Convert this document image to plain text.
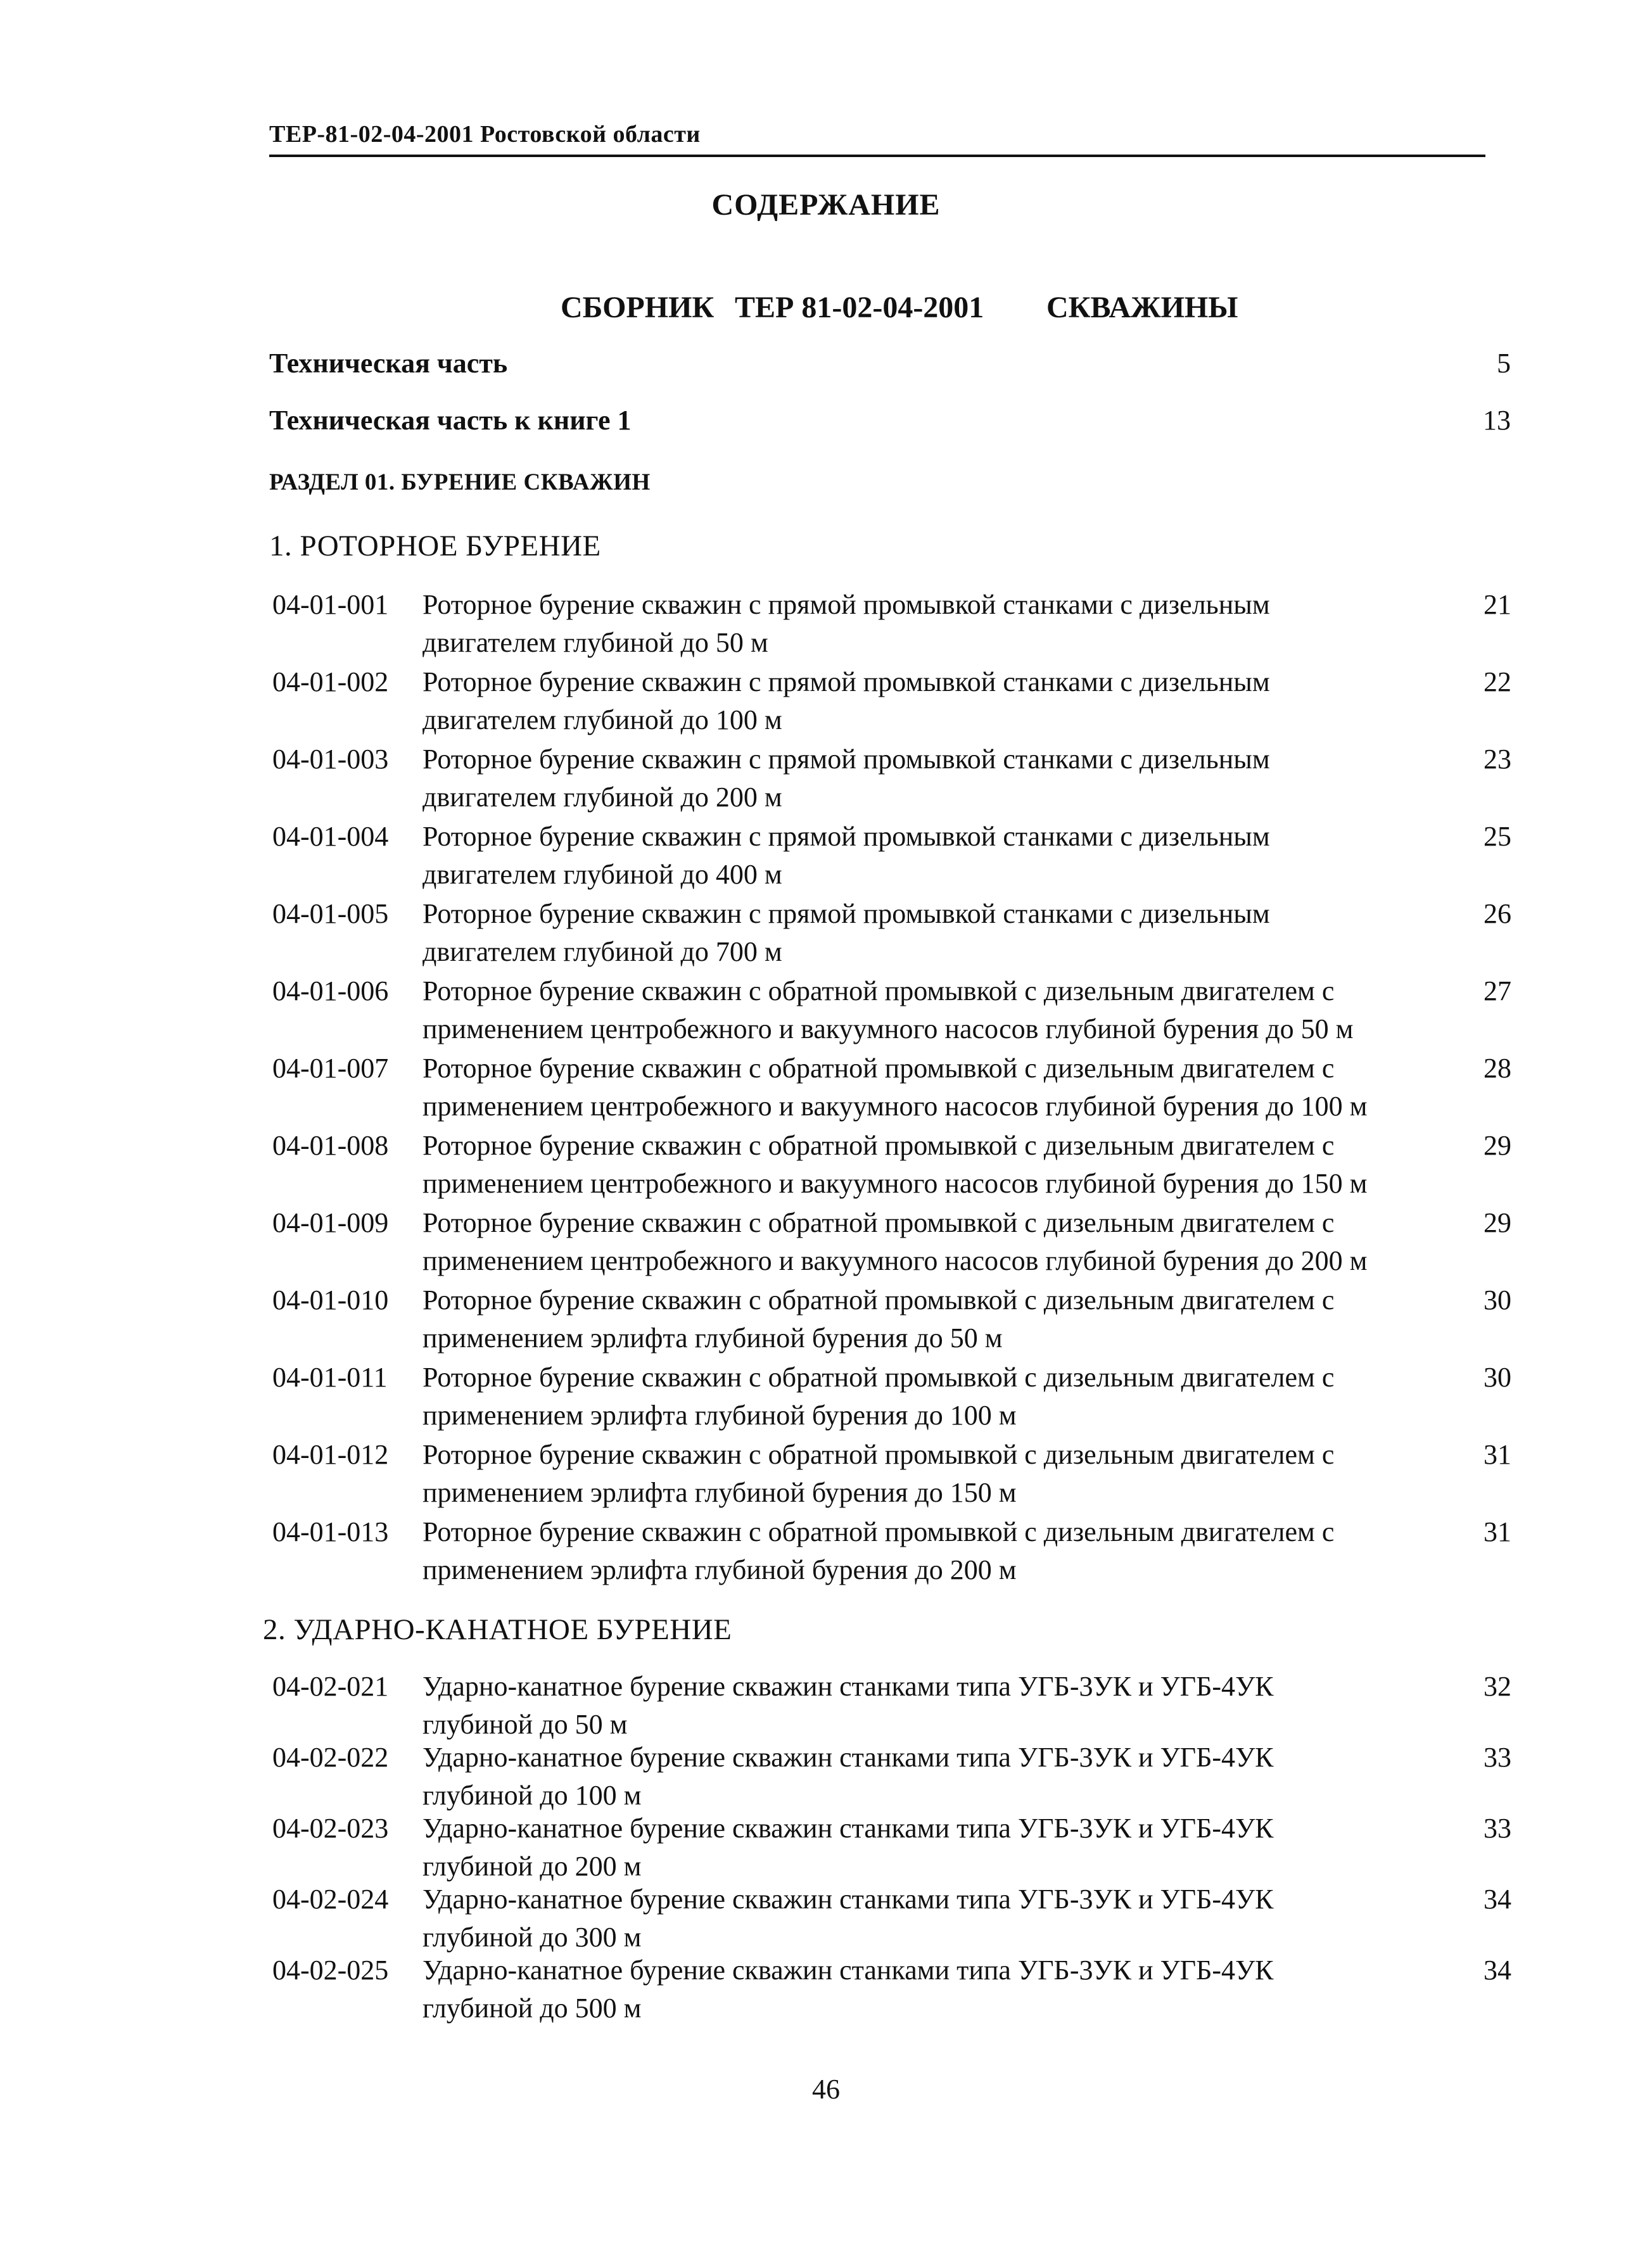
ТЕР-81-02-04-2001 Ростовской области
СОДЕРЖАНИЕ
СБОРНИК ТЕР 81-02-04-2001 СКВАЖИНЫ
Техническая часть	5
Техническая часть к книге 1	13
РАЗДЕЛ 01. БУРЕНИЕ СКВАЖИН
1. РОТОРНОЕ БУРЕНИЕ
04-01-001 Роторное бурение скважин с прямой промывкой станками с дизельным
двигателем глубиной до 50 м
21
04-01-002 Роторное бурение скважин с прямой промывкой станками с дизельным
двигателем глубиной до 100 м
22
04-01-003 Роторное бурение скважин с прямой промывкой станками с дизельным
двигателем глубиной до 200 м
23
04-01-004 Роторное бурение скважин с прямой промывкой станками с дизельным
двигателем глубиной до 400 м
25
04-01-005 Роторное бурение скважин с прямой промывкой станками с дизельным
двигателем глубиной до 700 м
26
04-01-006 Роторное бурение скважин с обратной промывкой с дизельным двигателем с
применением центробежного и вакуумного насосов глубиной бурения до 50 м
27
04-01-007 Роторное бурение скважин с обратной промывкой с дизельным двигателем с
применением центробежного и вакуумного насосов глубиной бурения до 100 м
28
04-01-008 Роторное бурение скважин с обратной промывкой с дизельным двигателем с
применением центробежного и вакуумного насосов глубиной бурения до 150 м
29
04-01-009 Роторное бурение скважин с обратной промывкой с дизельным двигателем с
применением центробежного и вакуумного насосов глубиной бурения до 200 м
29
04-01-010 Роторное бурение скважин с обратной промывкой с дизельным двигателем с
применением эрлифта глубиной бурения до 50 м
30
04-01-011 Роторное бурение скважин с обратной промывкой с дизельным двигателем с
применением эрлифта глубиной бурения до 100 м
30
04-01-012 Роторное бурение скважин с обратной промывкой с дизельным двигателем с
применением эрлифта глубиной бурения до 150 м
31
04-01-013 Роторное бурение скважин с обратной промывкой с дизельным двигателем с
применением эрлифта глубиной бурения до 200 м
31
2. УДАРНО-КАНАТНОЕ БУРЕНИЕ
04-02-021 Ударно-канатное бурение скважин станками типа УГБ-3УК и УГБ-4УК
глубиной до 50 м
32
04-02-022 Ударно-канатное бурение скважин станками типа УГБ-3УК и УГБ-4УК
глубиной до 100 м
33
04-02-023 Ударно-канатное бурение скважин станками типа УГБ-3УК и УГБ-4УК
глубиной до 200 м
33
04-02-024 Ударно-канатное бурение скважин станками типа УГБ-3УК и УГБ-4УК
глубиной до 300 м
34
04-02-025 Ударно-канатное бурение скважин станками типа УГБ-3УК и УГБ-4УК
глубиной до 500 м
34
46
